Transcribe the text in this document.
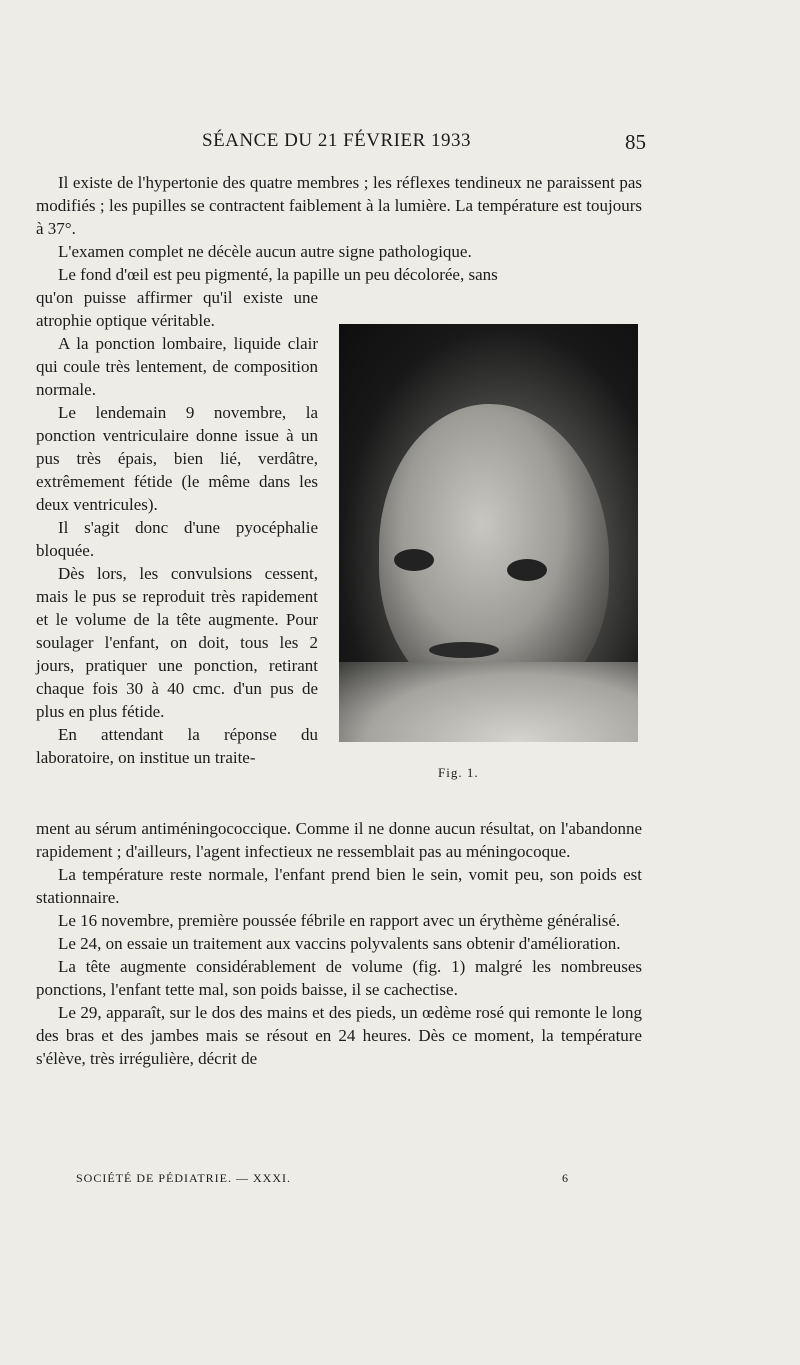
SÉANCE DU 21 FÉVRIER 1933	85

Il existe de l'hypertonie des quatre membres ; les réflexes tendineux ne paraissent pas modifiés ; les pupilles se contractent faiblement à la lumière. La température est toujours à 37°.

L'examen complet ne décèle aucun autre signe pathologique.

Le fond d'œil est peu pigmenté, la papille un peu décolorée, sans

qu'on puisse affirmer qu'il existe une atrophie optique véritable.

A la ponction lombaire, liquide clair qui coule très lentement, de composition normale.

Le lendemain 9 novembre, la ponction ventriculaire donne issue à un pus très épais, bien lié, verdâtre, extrêmement fétide (le même dans les deux ventricules).

Il s'agit donc d'une pyocéphalie bloquée.

Dès lors, les convulsions cessent, mais le pus se reproduit très rapidement et le volume de la tête augmente. Pour soulager l'enfant, on doit, tous les 2 jours, pratiquer une ponction, retirant chaque fois 30 à 40 cmc. d'un pus de plus en plus fétide.

En attendant la réponse du laboratoire, on institue un traite-

Fig. 1.

ment au sérum antiméningococcique. Comme il ne donne aucun résultat, on l'abandonne rapidement ; d'ailleurs, l'agent infectieux ne ressemblait pas au méningocoque.

La température reste normale, l'enfant prend bien le sein, vomit peu, son poids est stationnaire.

Le 16 novembre, première poussée fébrile en rapport avec un érythème généralisé.

Le 24, on essaie un traitement aux vaccins polyvalents sans obtenir d'amélioration.

La tête augmente considérablement de volume (fig. 1) malgré les nombreuses ponctions, l'enfant tette mal, son poids baisse, il se cachectise.

Le 29, apparaît, sur le dos des mains et des pieds, un œdème rosé qui remonte le long des bras et des jambes mais se résout en 24 heures. Dès ce moment, la température s'élève, très irrégulière, décrit de

SOCIÉTÉ DE PÉDIATRIE. — XXXI.	6
